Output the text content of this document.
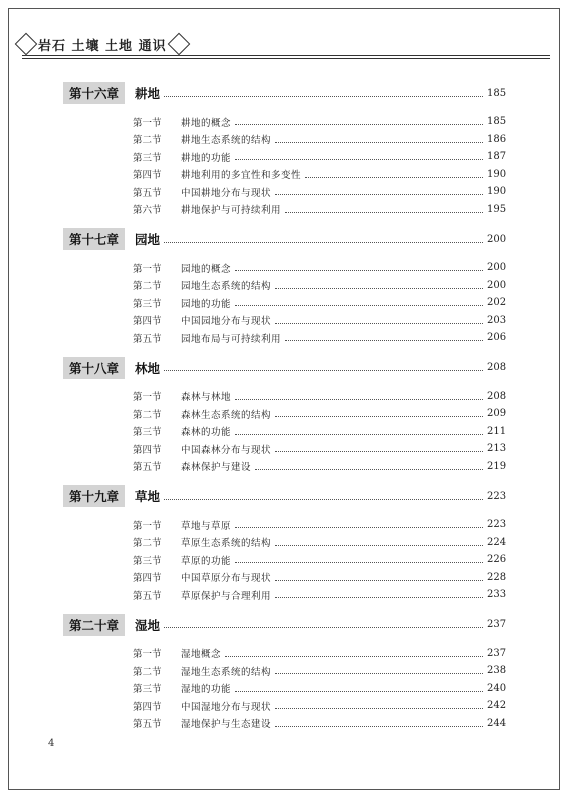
岩石 土壤 土地 通识
第十六章	耕地	185
第一节	耕地的概念	185
第二节	耕地生态系统的结构	186
第三节	耕地的功能	187
第四节	耕地利用的多宜性和多变性	190
第五节	中国耕地分布与现状	190
第六节	耕地保护与可持续利用	195
第十七章	园地	200
第一节	园地的概念	200
第二节	园地生态系统的结构	200
第三节	园地的功能	202
第四节	中国园地分布与现状	203
第五节	园地布局与可持续利用	206
第十八章	林地	208
第一节	森林与林地	208
第二节	森林生态系统的结构	209
第三节	森林的功能	211
第四节	中国森林分布与现状	213
第五节	森林保护与建设	219
第十九章	草地	223
第一节	草地与草原	223
第二节	草原生态系统的结构	224
第三节	草原的功能	226
第四节	中国草原分布与现状	228
第五节	草原保护与合理利用	233
第二十章	湿地	237
第一节	湿地概念	237
第二节	湿地生态系统的结构	238
第三节	湿地的功能	240
第四节	中国湿地分布与现状	242
第五节	湿地保护与生态建设	244
4
